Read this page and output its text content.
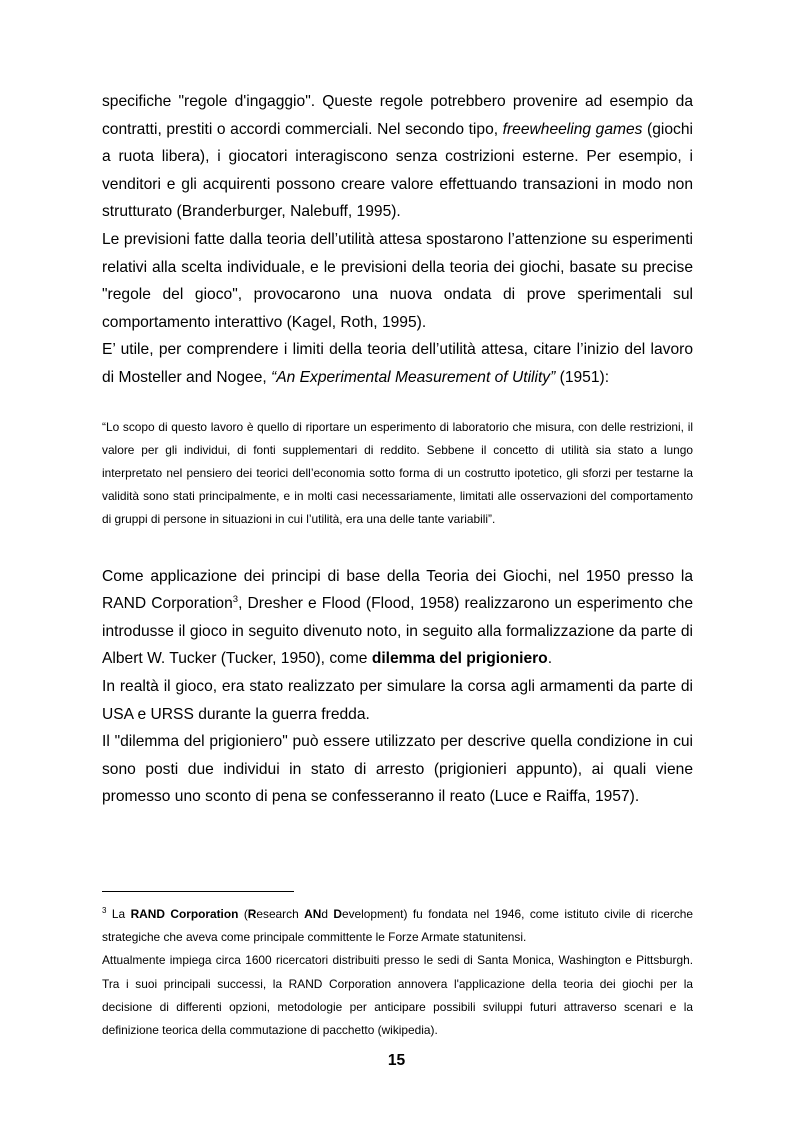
specifiche "regole d'ingaggio". Queste regole potrebbero provenire ad esempio da contratti, prestiti o accordi commerciali. Nel secondo tipo, freewheeling games (giochi a ruota libera), i giocatori interagiscono senza costrizioni esterne. Per esempio, i venditori e gli acquirenti possono creare valore effettuando transazioni in modo non strutturato (Branderburger, Nalebuff, 1995).

Le previsioni fatte dalla teoria dell’utilità attesa spostarono l’attenzione su esperimenti relativi alla scelta individuale, e le previsioni della teoria dei giochi, basate su precise "regole del gioco", provocarono una nuova ondata di prove sperimentali sul comportamento interattivo (Kagel, Roth, 1995).

E’ utile, per comprendere i limiti della teoria dell’utilità attesa, citare l’inizio del lavoro di Mosteller and Nogee, “An Experimental Measurement of Utility” (1951):

“Lo scopo di questo lavoro è quello di riportare un esperimento di laboratorio che misura, con delle restrizioni, il valore per gli individui, di fonti supplementari di reddito. Sebbene il concetto di utilità sia stato a lungo interpretato nel pensiero dei teorici dell’economia sotto forma di un costrutto ipotetico, gli sforzi per testarne la validità sono stati principalmente, e in molti casi necessariamente, limitati alle osservazioni del comportamento di gruppi di persone in situazioni in cui l’utilità, era una delle tante variabili”.

Come applicazione dei principi di base della Teoria dei Giochi, nel 1950 presso la RAND Corporation$^3$, Dresher e Flood (Flood, 1958) realizzarono un esperimento che introdusse il gioco in seguito divenuto noto, in seguito alla formalizzazione da parte di Albert W. Tucker (Tucker, 1950), come dilemma del prigioniero.

In realtà il gioco, era stato realizzato per simulare la corsa agli armamenti da parte di USA e URSS durante la guerra fredda.

Il "dilemma del prigioniero" può essere utilizzato per descrive quella condizione in cui sono posti due individui in stato di arresto (prigionieri appunto), ai quali viene promesso uno sconto di pena se confesseranno il reato (Luce e Raiffa, 1957).

$^3$ La RAND Corporation (Research ANd Development) fu fondata nel 1946, come istituto civile di ricerche strategiche che aveva come principale committente le Forze Armate statunitensi.

Attualmente impiega circa 1600 ricercatori distribuiti presso le sedi di Santa Monica, Washington e Pittsburgh. Tra i suoi principali successi, la RAND Corporation annovera l'applicazione della teoria dei giochi per la decisione di differenti opzioni, metodologie per anticipare possibili sviluppi futuri attraverso scenari e la definizione teorica della commutazione di pacchetto (wikipedia).

15
